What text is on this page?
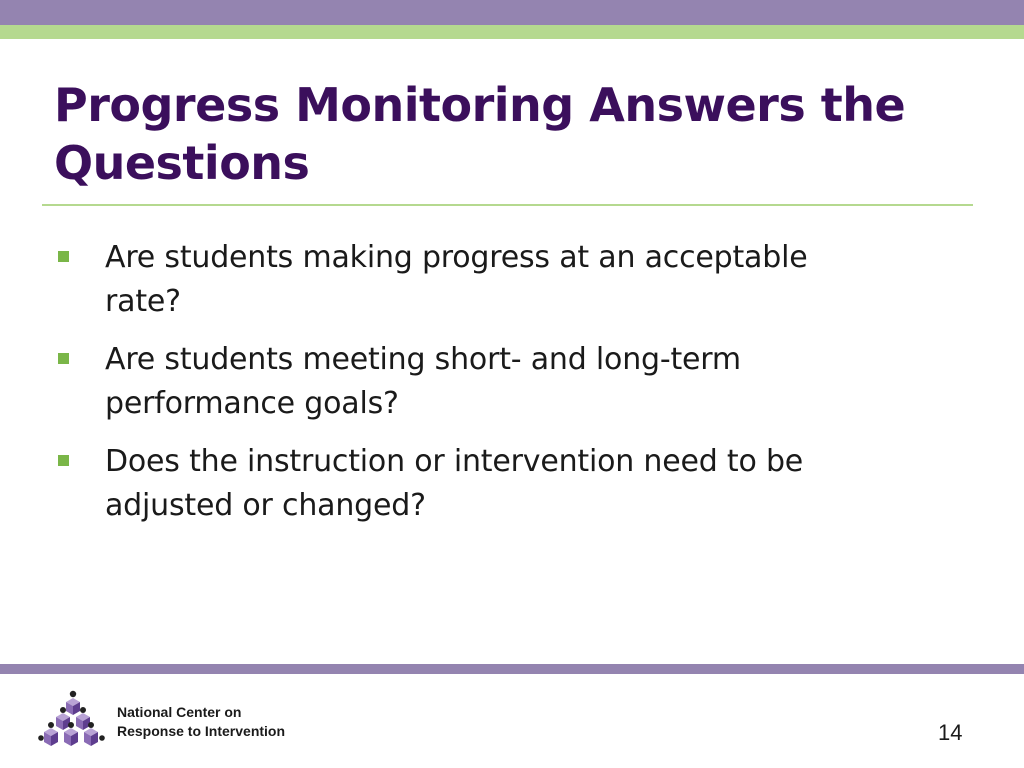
Progress Monitoring Answers the
Questions
Are students making progress at an acceptable
rate?
Are students meeting short- and long-term
performance goals?
Does the instruction or intervention need to be
adjusted or changed?
National Center on
Response to Intervention	14
